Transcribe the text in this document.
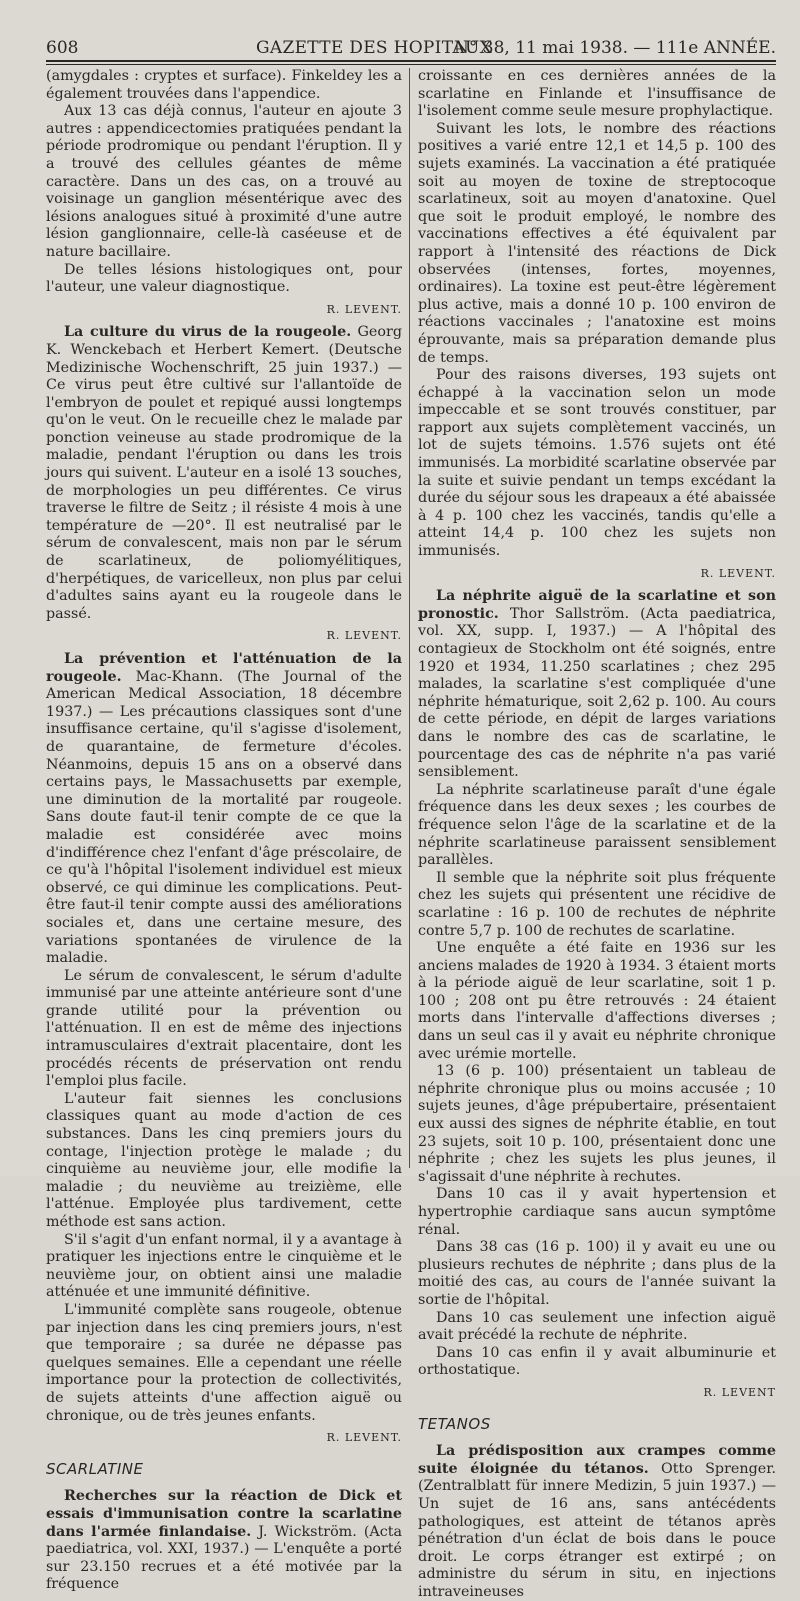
608	GAZETTE DES HOPITAUX
N° 38, 11 mai 1938. — 111e ANNÉE.

(amygdales : cryptes et surface). Finkeldey les a également trouvées dans l'appendice.

Aux 13 cas déjà connus, l'auteur en ajoute 3 autres : appendicectomies pratiquées pendant la période prodromique ou pendant l'éruption. Il y a trouvé des cellules géantes de même caractère. Dans un des cas, on a trouvé au voisinage un ganglion mésentérique avec des lésions analogues situé à proximité d'une autre lésion ganglionnaire, celle-là caséeuse et de nature bacillaire.

De telles lésions histologiques ont, pour l'auteur, une valeur diagnostique.

R. LEVENT.

La culture du virus de la rougeole. Georg K. Wenckebach et Herbert Kemert. (Deutsche Medizinische Wochenschrift, 25 juin 1937.) — Ce virus peut être cultivé sur l'allantoïde de l'embryon de poulet et repiqué aussi longtemps qu'on le veut. On le recueille chez le malade par ponction veineuse au stade prodromique de la maladie, pendant l'éruption ou dans les trois jours qui suivent. L'auteur en a isolé 13 souches, de morphologies un peu différentes. Ce virus traverse le filtre de Seitz ; il résiste 4 mois à une température de —20°. Il est neutralisé par le sérum de convalescent, mais non par le sérum de scarlatineux, de poliomyélitiques, d'herpétiques, de varicelleux, non plus par celui d'adultes sains ayant eu la rougeole dans le passé.

R. LEVENT.

La prévention et l'atténuation de la rougeole. Mac-Khann. (The Journal of the American Medical Association, 18 décembre 1937.) — Les précautions classiques sont d'une insuffisance certaine, qu'il s'agisse d'isolement, de quarantaine, de fermeture d'écoles. Néanmoins, depuis 15 ans on a observé dans certains pays, le Massachusetts par exemple, une diminution de la mortalité par rougeole. Sans doute faut-il tenir compte de ce que la maladie est considérée avec moins d'indifférence chez l'enfant d'âge préscolaire, de ce qu'à l'hôpital l'isolement individuel est mieux observé, ce qui diminue les complications. Peut-être faut-il tenir compte aussi des améliorations sociales et, dans une certaine mesure, des variations spontanées de virulence de la maladie.

Le sérum de convalescent, le sérum d'adulte immunisé par une atteinte antérieure sont d'une grande utilité pour la prévention ou l'atténuation. Il en est de même des injections intramusculaires d'extrait placentaire, dont les procédés récents de préservation ont rendu l'emploi plus facile.

L'auteur fait siennes les conclusions classiques quant au mode d'action de ces substances. Dans les cinq premiers jours du contage, l'injection protège le malade ; du cinquième au neuvième jour, elle modifie la maladie ; du neuvième au treizième, elle l'atténue. Employée plus tardivement, cette méthode est sans action.

S'il s'agit d'un enfant normal, il y a avantage à pratiquer les injections entre le cinquième et le neuvième jour, on obtient ainsi une maladie atténuée et une immunité définitive.

L'immunité complète sans rougeole, obtenue par injection dans les cinq premiers jours, n'est que temporaire ; sa durée ne dépasse pas quelques semaines. Elle a cependant une réelle importance pour la protection de collectivités, de sujets atteints d'une affection aiguë ou chronique, ou de très jeunes enfants.

R. LEVENT.
SCARLATINE

Recherches sur la réaction de Dick et essais d'immunisation contre la scarlatine dans l'armée finlandaise. J. Wickström. (Acta paediatrica, vol. XXI, 1937.) — L'enquête a porté sur 23.150 recrues et a été motivée par la fréquence

croissante en ces dernières années de la scarlatine en Finlande et l'insuffisance de l'isolement comme seule mesure prophylactique.

Suivant les lots, le nombre des réactions positives a varié entre 12,1 et 14,5 p. 100 des sujets examinés. La vaccination a été pratiquée soit au moyen de toxine de streptocoque scarlatineux, soit au moyen d'anatoxine. Quel que soit le produit employé, le nombre des vaccinations effectives a été équivalent par rapport à l'intensité des réactions de Dick observées (intenses, fortes, moyennes, ordinaires). La toxine est peut-être légèrement plus active, mais a donné 10 p. 100 environ de réactions vaccinales ; l'anatoxine est moins éprouvante, mais sa préparation demande plus de temps.

Pour des raisons diverses, 193 sujets ont échappé à la vaccination selon un mode impeccable et se sont trouvés constituer, par rapport aux sujets complètement vaccinés, un lot de sujets témoins. 1.576 sujets ont été immunisés. La morbidité scarlatine observée par la suite et suivie pendant un temps excédant la durée du séjour sous les drapeaux a été abaissée à 4 p. 100 chez les vaccinés, tandis qu'elle a atteint 14,4 p. 100 chez les sujets non immunisés.

R. LEVENT.

La néphrite aiguë de la scarlatine et son pronostic. Thor Sallström. (Acta paediatrica, vol. XX, supp. I, 1937.) — A l'hôpital des contagieux de Stockholm ont été soignés, entre 1920 et 1934, 11.250 scarlatines ; chez 295 malades, la scarlatine s'est compliquée d'une néphrite hématurique, soit 2,62 p. 100. Au cours de cette période, en dépit de larges variations dans le nombre des cas de scarlatine, le pourcentage des cas de néphrite n'a pas varié sensiblement.

La néphrite scarlatineuse paraît d'une égale fréquence dans les deux sexes ; les courbes de fréquence selon l'âge de la scarlatine et de la néphrite scarlatineuse paraissent sensiblement parallèles.

Il semble que la néphrite soit plus fréquente chez les sujets qui présentent une récidive de scarlatine : 16 p. 100 de rechutes de néphrite contre 5,7 p. 100 de rechutes de scarlatine.

Une enquête a été faite en 1936 sur les anciens malades de 1920 à 1934. 3 étaient morts à la période aiguë de leur scarlatine, soit 1 p. 100 ; 208 ont pu être retrouvés : 24 étaient morts dans l'intervalle d'affections diverses ; dans un seul cas il y avait eu néphrite chronique avec urémie mortelle.

13 (6 p. 100) présentaient un tableau de néphrite chronique plus ou moins accusée ; 10 sujets jeunes, d'âge prépubertaire, présentaient eux aussi des signes de néphrite établie, en tout 23 sujets, soit 10 p. 100, présentaient donc une néphrite ; chez les sujets les plus jeunes, il s'agissait d'une néphrite à rechutes.

Dans 10 cas il y avait hypertension et hypertrophie cardiaque sans aucun symptôme rénal.

Dans 38 cas (16 p. 100) il y avait eu une ou plusieurs rechutes de néphrite ; dans plus de la moitié des cas, au cours de l'année suivant la sortie de l'hôpital.

Dans 10 cas seulement une infection aiguë avait précédé la rechute de néphrite.

Dans 10 cas enfin il y avait albuminurie et orthostatique.

R. LEVENT
TETANOS

La prédisposition aux crampes comme suite éloignée du tétanos. Otto Sprenger. (Zentralblatt für innere Medizin, 5 juin 1937.) — Un sujet de 16 ans, sans antécédents pathologiques, est atteint de tétanos après pénétration d'un éclat de bois dans le pouce droit. Le corps étranger est extirpé ; on administre du sérum in situ, en injections intraveineuses
